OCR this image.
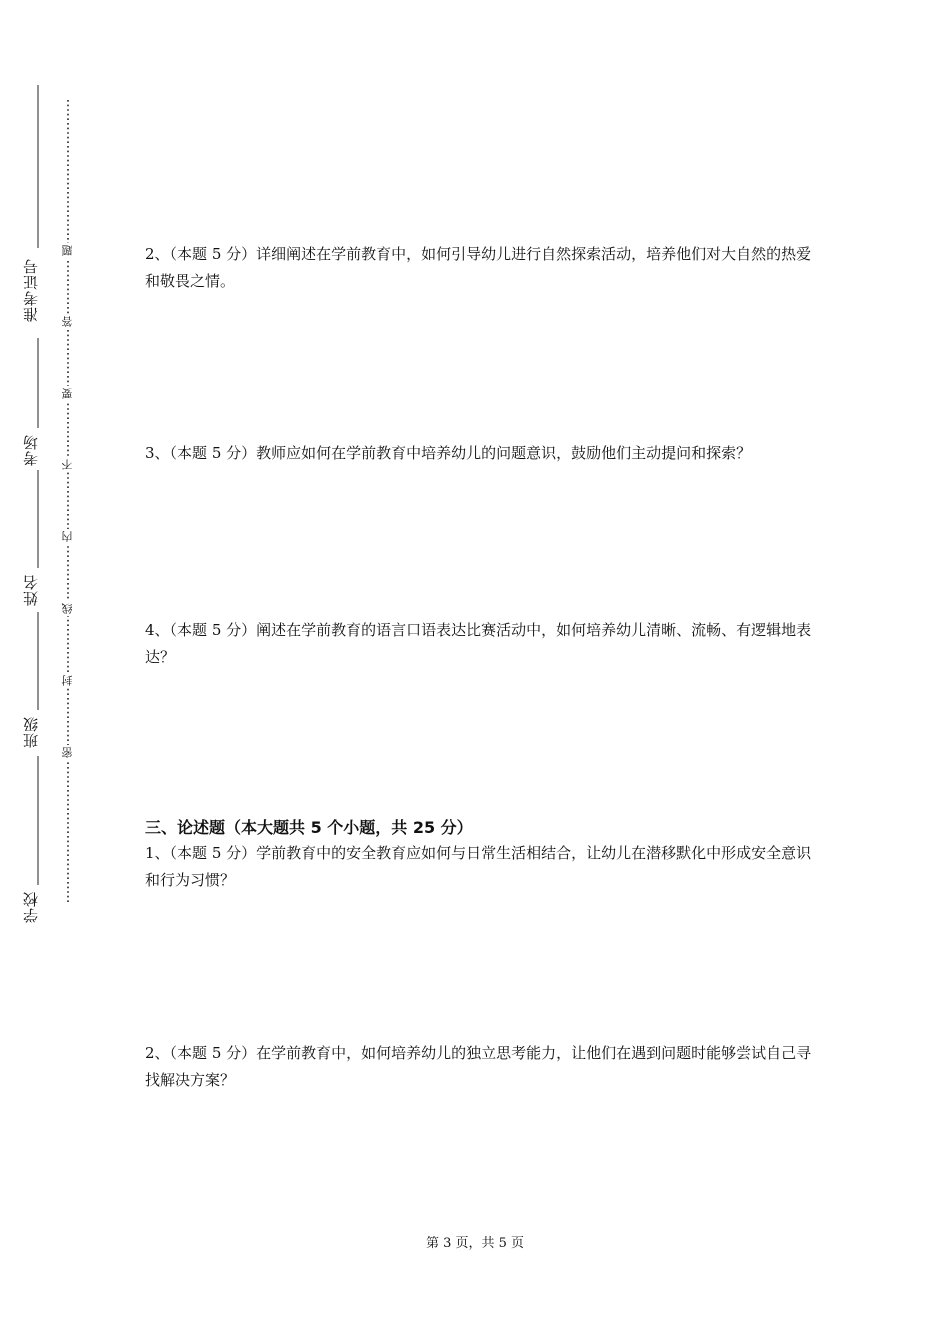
准考证号
考场
姓名
班级
学校
题
答
要
不
内
线
封
密
2、（本题 5 分）详细阐述在学前教育中，如何引导幼儿进行自然探索活动，培养他们对大自然的热爱和敬畏之情。
3、（本题 5 分）教师应如何在学前教育中培养幼儿的问题意识，鼓励他们主动提问和探索？
4、（本题 5 分）阐述在学前教育的语言口语表达比赛活动中，如何培养幼儿清晰、流畅、有逻辑地表达？
三、论述题（本大题共 5 个小题，共 25 分）
1、（本题 5 分）学前教育中的安全教育应如何与日常生活相结合，让幼儿在潜移默化中形成安全意识和行为习惯？
2、（本题 5 分）在学前教育中，如何培养幼儿的独立思考能力，让他们在遇到问题时能够尝试自己寻找解决方案？
第 3 页，共 5 页
